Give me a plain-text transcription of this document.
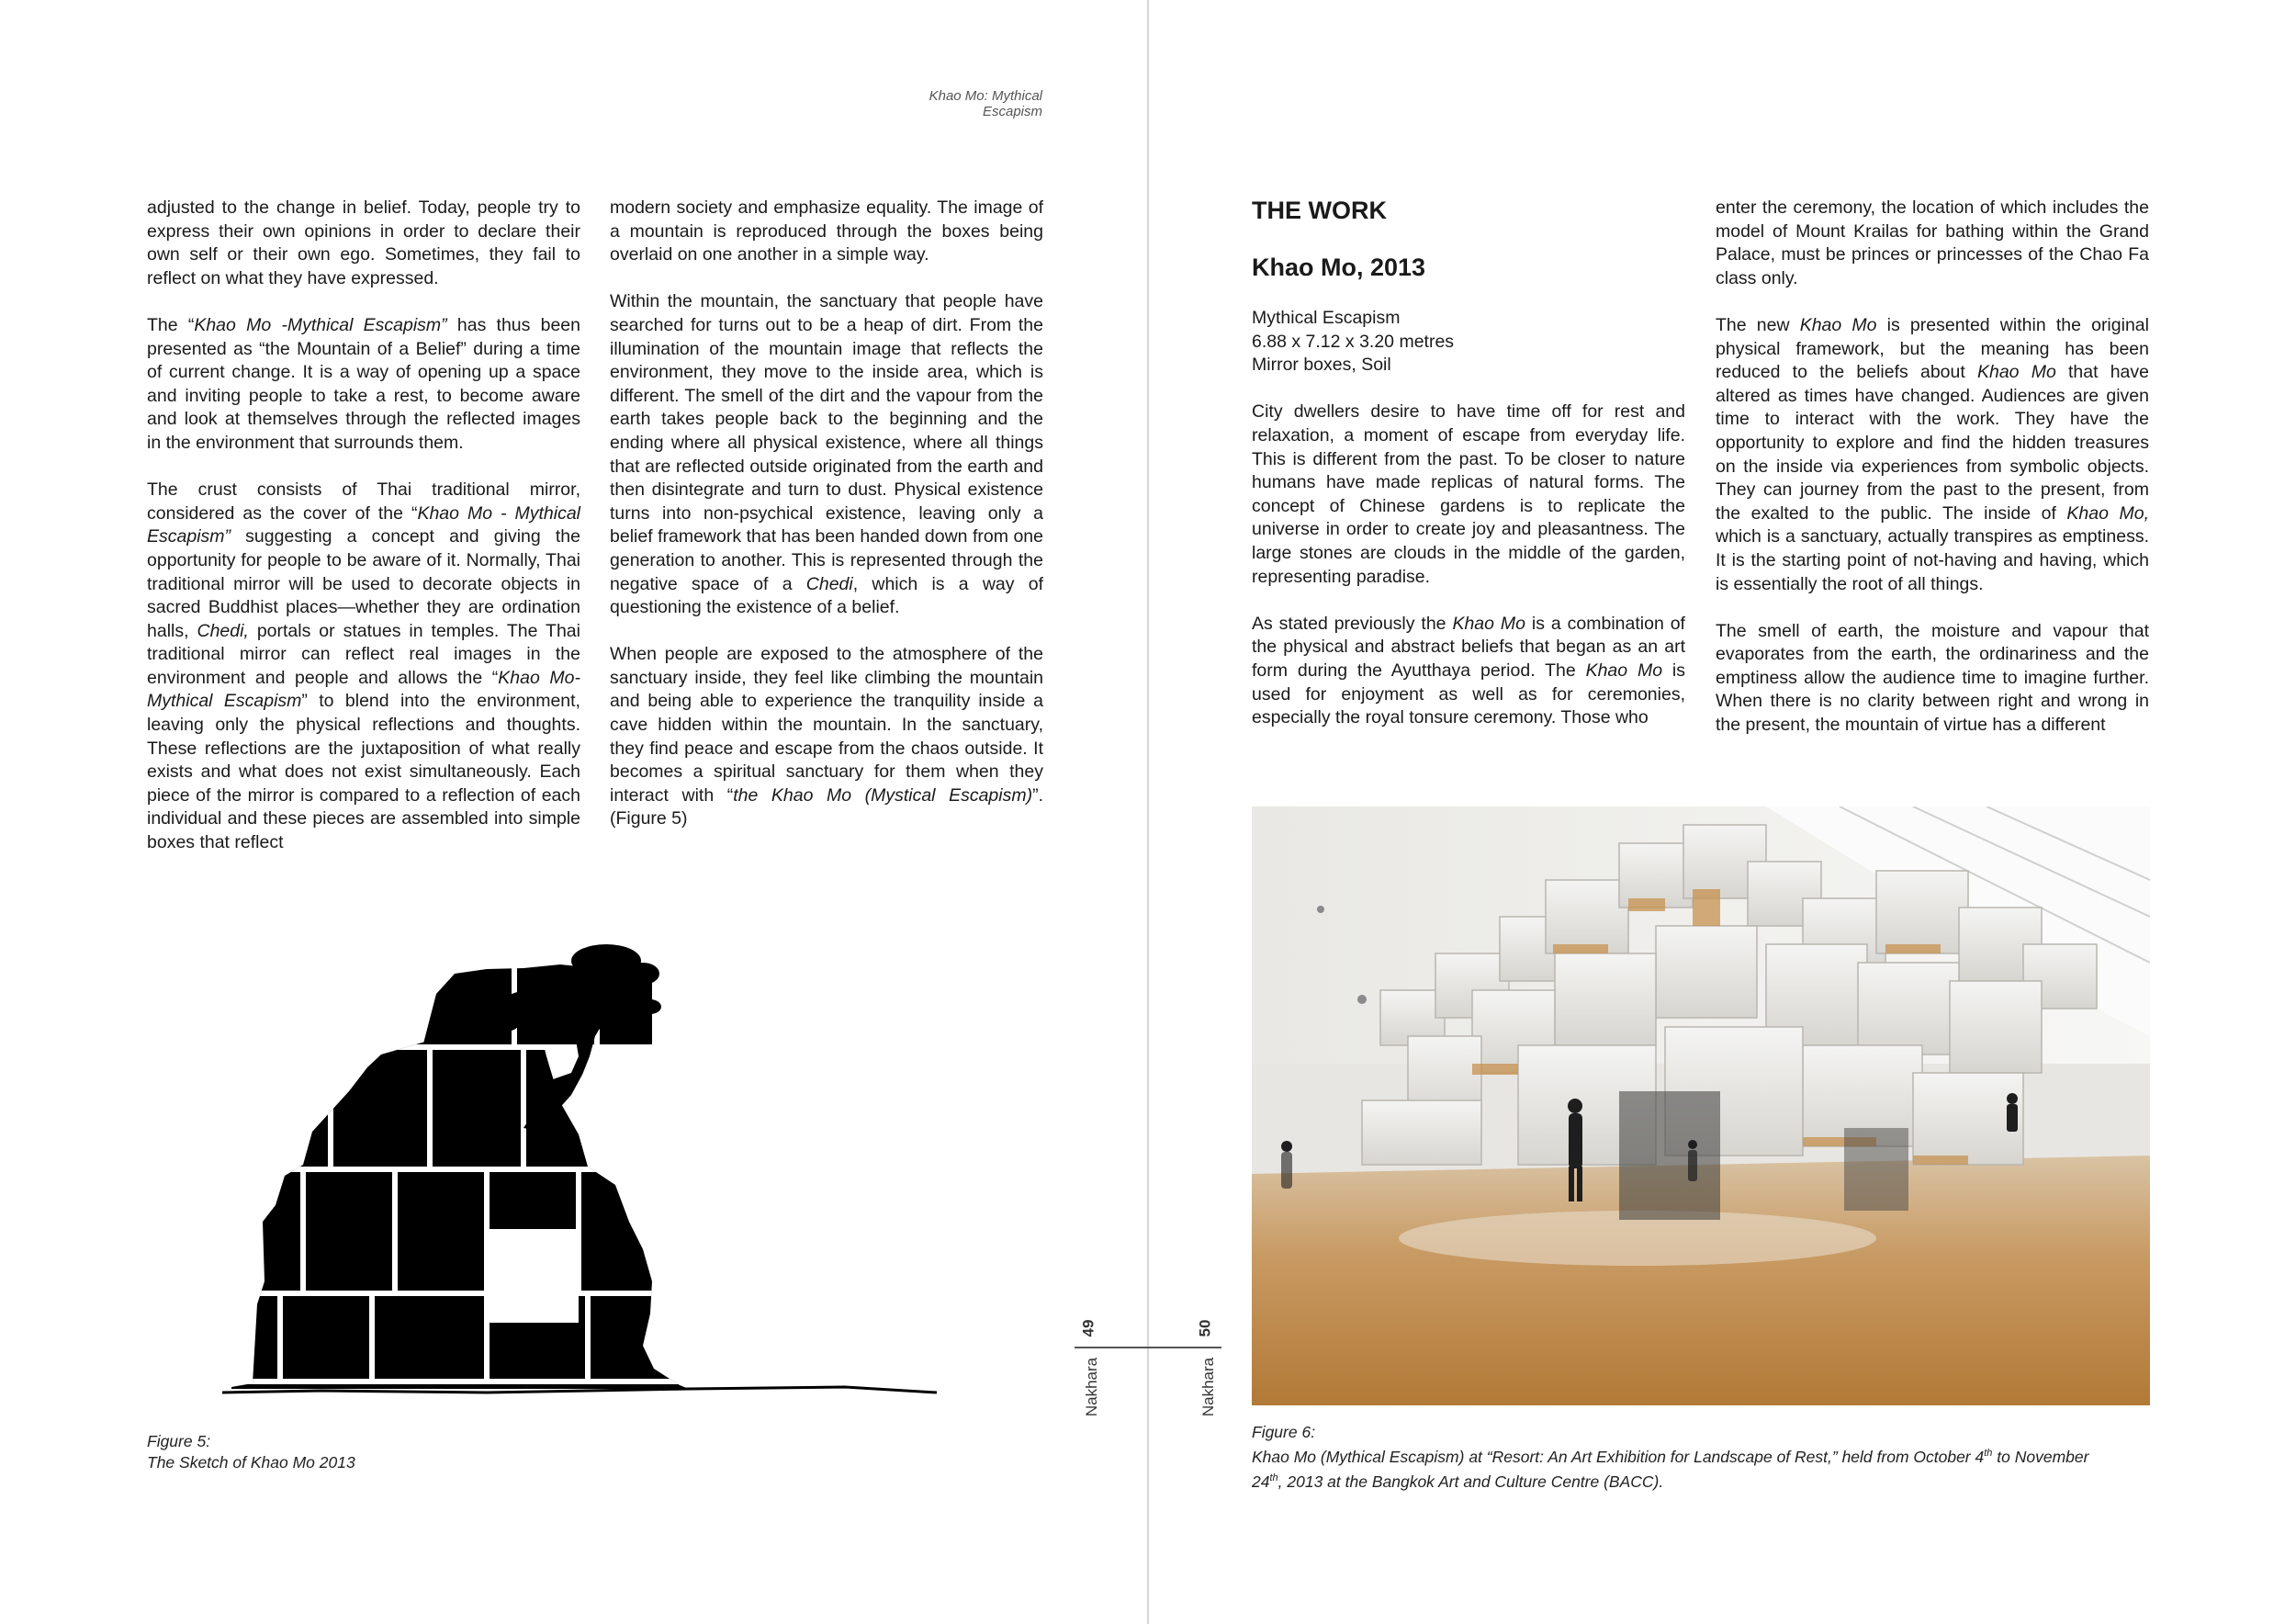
Khao Mo: Mythical Escapism

adjusted to the change in belief. Today, people try to express their own opinions in order to declare their own self or their own ego. Sometimes, they fail to reflect on what they have expressed.

The “Khao Mo -Mythical Escapism” has thus been presented as “the Mountain of a Belief” during a time of current change. It is a way of opening up a space and inviting people to take a rest, to become aware and look at themselves through the reflected images in the environment that surrounds them.

The crust consists of Thai traditional mirror, considered as the cover of the “Khao Mo - Mythical Escapism” suggesting a concept and giving the opportunity for people to be aware of it. Normally, Thai traditional mirror will be used to decorate objects in sacred Buddhist places—whether they are ordination halls, Chedi, portals or statues in temples. The Thai traditional mirror can reflect real images in the environment and people and allows the “Khao Mo-Mythical Escapism” to blend into the environment, leaving only the physical reflections and thoughts. These reflections are the juxtaposition of what really exists and what does not exist simultaneously. Each piece of the mirror is compared to a reflection of each individual and these pieces are assembled into simple boxes that reflect

modern society and emphasize equality. The image of a mountain is reproduced through the boxes being overlaid on one another in a simple way.

Within the mountain, the sanctuary that people have searched for turns out to be a heap of dirt. From the illumination of the mountain image that reflects the environment, they move to the inside area, which is different. The smell of the dirt and the vapour from the earth takes people back to the beginning and the ending where all physical existence, where all things that are reflected outside originated from the earth and then disintegrate and turn to dust. Physical existence turns into non-psychical existence, leaving only a belief framework that has been handed down from one generation to another. This is represented through the negative space of a Chedi, which is a way of questioning the existence of a belief.

When people are exposed to the atmosphere of the sanctuary inside, they feel like climbing the mountain and being able to experience the tranquility inside a cave hidden within the mountain. In the sanctuary, they find peace and escape from the chaos outside. It becomes a spiritual sanctuary for them when they interact with “the Khao Mo (Mystical Escapism)”. (Figure 5)

Figure 5:
The Sketch of Khao Mo 2013
49
Nakhara
50
Nakhara
THE WORK
Khao Mo, 2013
Mythical Escapism
6.88 x 7.12 x 3.20 metres
Mirror boxes, Soil

City dwellers desire to have time off for rest and relaxation, a moment of escape from everyday life. This is different from the past. To be closer to nature humans have made replicas of natural forms. The concept of Chinese gardens is to replicate the universe in order to create joy and pleasantness. The large stones are clouds in the middle of the garden, representing paradise.

As stated previously the Khao Mo is a combination of the physical and abstract beliefs that began as an art form during the Ayutthaya period. The Khao Mo is used for enjoyment as well as for ceremonies, especially the royal tonsure ceremony. Those who

enter the ceremony, the location of which includes the model of Mount Krailas for bathing within the Grand Palace, must be princes or princesses of the Chao Fa class only.

The new Khao Mo is presented within the original physical framework, but the meaning has been reduced to the beliefs about Khao Mo that have altered as times have changed. Audiences are given time to interact with the work. They have the opportunity to explore and find the hidden treasures on the inside via experiences from symbolic objects. They can journey from the past to the present, from the exalted to the public. The inside of Khao Mo, which is a sanctuary, actually transpires as emptiness. It is the starting point of not-having and having, which is essentially the root of all things.

The smell of earth, the moisture and vapour that evaporates from the earth, the ordinariness and the emptiness allow the audience time to imagine further. When there is no clarity between right and wrong in the present, the mountain of virtue has a different

Figure 6:
Khao Mo (Mythical Escapism) at “Resort: An Art Exhibition for Landscape of Rest,” held from October 4th to November
24th, 2013 at the Bangkok Art and Culture Centre (BACC).
